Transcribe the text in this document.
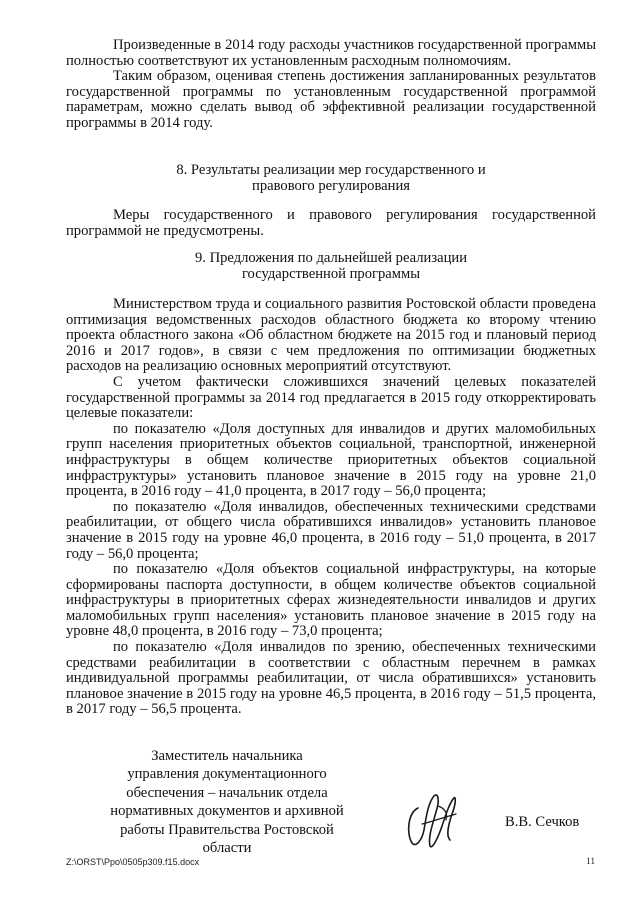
Произведенные в 2014 году расходы участников государственной программы полностью соответствуют их установленным расходным полномочиям.

Таким образом, оценивая степень достижения запланированных результатов государственной программы по установленным государственной программой параметрам, можно сделать вывод об эффективной реализации государственной программы в 2014 году.

8. Результаты реализации мер государственного и

правового регулирования

Меры государственного и правового регулирования государственной программой не предусмотрены.

9. Предложения по дальнейшей реализации

государственной программы

Министерством труда и социального развития Ростовской области проведена оптимизация ведомственных расходов областного бюджета ко второму чтению проекта областного закона «Об областном бюджете на 2015 год и плановый период 2016 и 2017 годов», в связи с чем предложения по оптимизации бюджетных расходов на реализацию основных мероприятий отсутствуют.

С учетом фактически сложившихся значений целевых показателей государственной программы за 2014 год предлагается в 2015 году откорректировать целевые показатели:

по показателю «Доля доступных для инвалидов и других маломобильных групп населения приоритетных объектов социальной, транспортной, инженерной инфраструктуры в общем количестве приоритетных объектов социальной инфраструктуры» установить плановое значение в 2015 году на уровне 21,0 процента, в 2016 году – 41,0 процента, в 2017 году – 56,0 процента;

по показателю «Доля инвалидов, обеспеченных техническими средствами реабилитации, от общего числа обратившихся инвалидов» установить плановое значение в 2015 году на уровне 46,0 процента, в 2016 году – 51,0 процента, в 2017 году – 56,0 процента;

по показателю «Доля объектов социальной инфраструктуры, на которые сформированы паспорта доступности, в общем количестве объектов социальной инфраструктуры в приоритетных сферах жизнедеятельности инвалидов и других маломобильных групп населения» установить плановое значение в 2015 году на уровне 48,0 процента, в 2016 году – 73,0 процента;

по показателю «Доля инвалидов по зрению, обеспеченных техническими средствами реабилитации в соответствии с областным перечнем в рамках индивидуальной программы реабилитации, от числа обратившихся» установить плановое значение в 2015 году на уровне 46,5 процента, в 2016 году – 51,5 процента, в 2017 году – 56,5 процента.

Заместитель начальника
управления документационного
обеспечения – начальник отдела
нормативных документов и архивной
работы Правительства Ростовской области
В.В. Сечков
Z:\ORST\Ppo\0505p309.f15.docx	11
